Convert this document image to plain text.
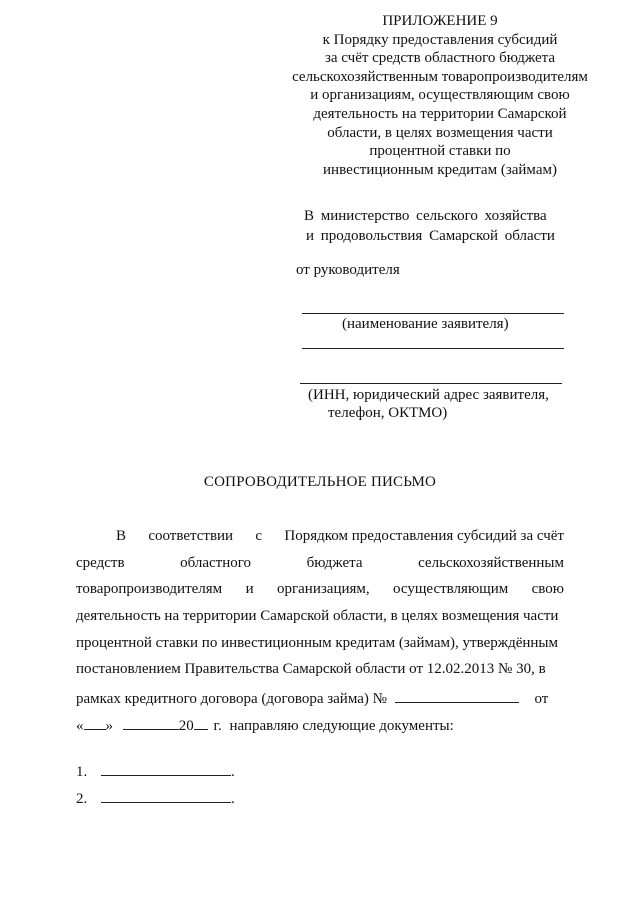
ПРИЛОЖЕНИЕ 9
к Порядку предоставления субсидий
за счёт средств областного бюджета
сельскохозяйственным товаропроизводителям
и организациям, осуществляющим свою
деятельность на территории Самарской
области, в целях возмещения части
процентной ставки по
инвестиционным кредитам (займам)
В министерство сельского хозяйства
и продовольствия Самарской области
от руководителя
(наименование заявителя)
(ИНН, юридический адрес заявителя,
телефон, ОКТМО)
СОПРОВОДИТЕЛЬНОЕ ПИСЬМО
В соответствии с Порядком предоставления субсидий за счёт
средств	областного	бюджета	сельскохозяйственным
товаропроизводителям и организациям, осуществляющим свою
деятельность на территории Самарской области, в целях возмещения части
процентной ставки по инвестиционным кредитам (займам), утверждённым
постановлением Правительства Самарской области от 12.02.2013 № 30, в
рамках кредитного договора (договора займа) №	от
« »	20 г. направляю следующие документы:
1.	.
2.	.
